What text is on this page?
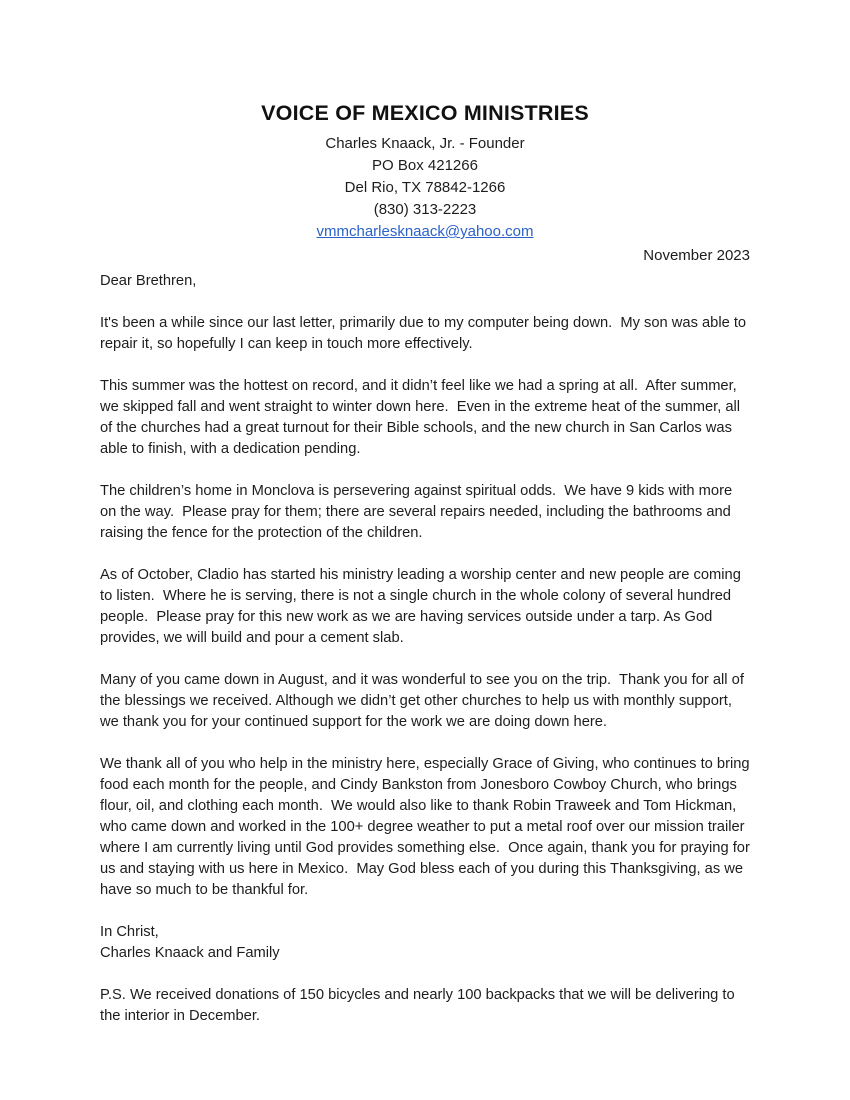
VOICE OF MEXICO MINISTRIES
Charles Knaack, Jr. - Founder
PO Box 421266
Del Rio, TX 78842-1266
(830) 313-2223
vmmcharlesknaack@yahoo.com
November 2023
Dear Brethren,

It's been a while since our last letter, primarily due to my computer being down.  My son was able to repair it, so hopefully I can keep in touch more effectively.

This summer was the hottest on record, and it didn’t feel like we had a spring at all.  After summer, we skipped fall and went straight to winter down here.  Even in the extreme heat of the summer, all of the churches had a great turnout for their Bible schools, and the new church in San Carlos was able to finish, with a dedication pending.

The children’s home in Monclova is persevering against spiritual odds.  We have 9 kids with more on the way.  Please pray for them; there are several repairs needed, including the bathrooms and raising the fence for the protection of the children.

As of October, Cladio has started his ministry leading a worship center and new people are coming to listen.  Where he is serving, there is not a single church in the whole colony of several hundred people.  Please pray for this new work as we are having services outside under a tarp. As God provides, we will build and pour a cement slab.

Many of you came down in August, and it was wonderful to see you on the trip.  Thank you for all of the blessings we received. Although we didn’t get other churches to help us with monthly support, we thank you for your continued support for the work we are doing down here.

We thank all of you who help in the ministry here, especially Grace of Giving, who continues to bring food each month for the people, and Cindy Bankston from Jonesboro Cowboy Church, who brings flour, oil, and clothing each month.  We would also like to thank Robin Traweek and Tom Hickman, who came down and worked in the 100+ degree weather to put a metal roof over our mission trailer where I am currently living until God provides something else.  Once again, thank you for praying for us and staying with us here in Mexico.  May God bless each of you during this Thanksgiving, as we have so much to be thankful for.

In Christ,
Charles Knaack and Family

P.S. We received donations of 150 bicycles and nearly 100 backpacks that we will be delivering to the interior in December.
